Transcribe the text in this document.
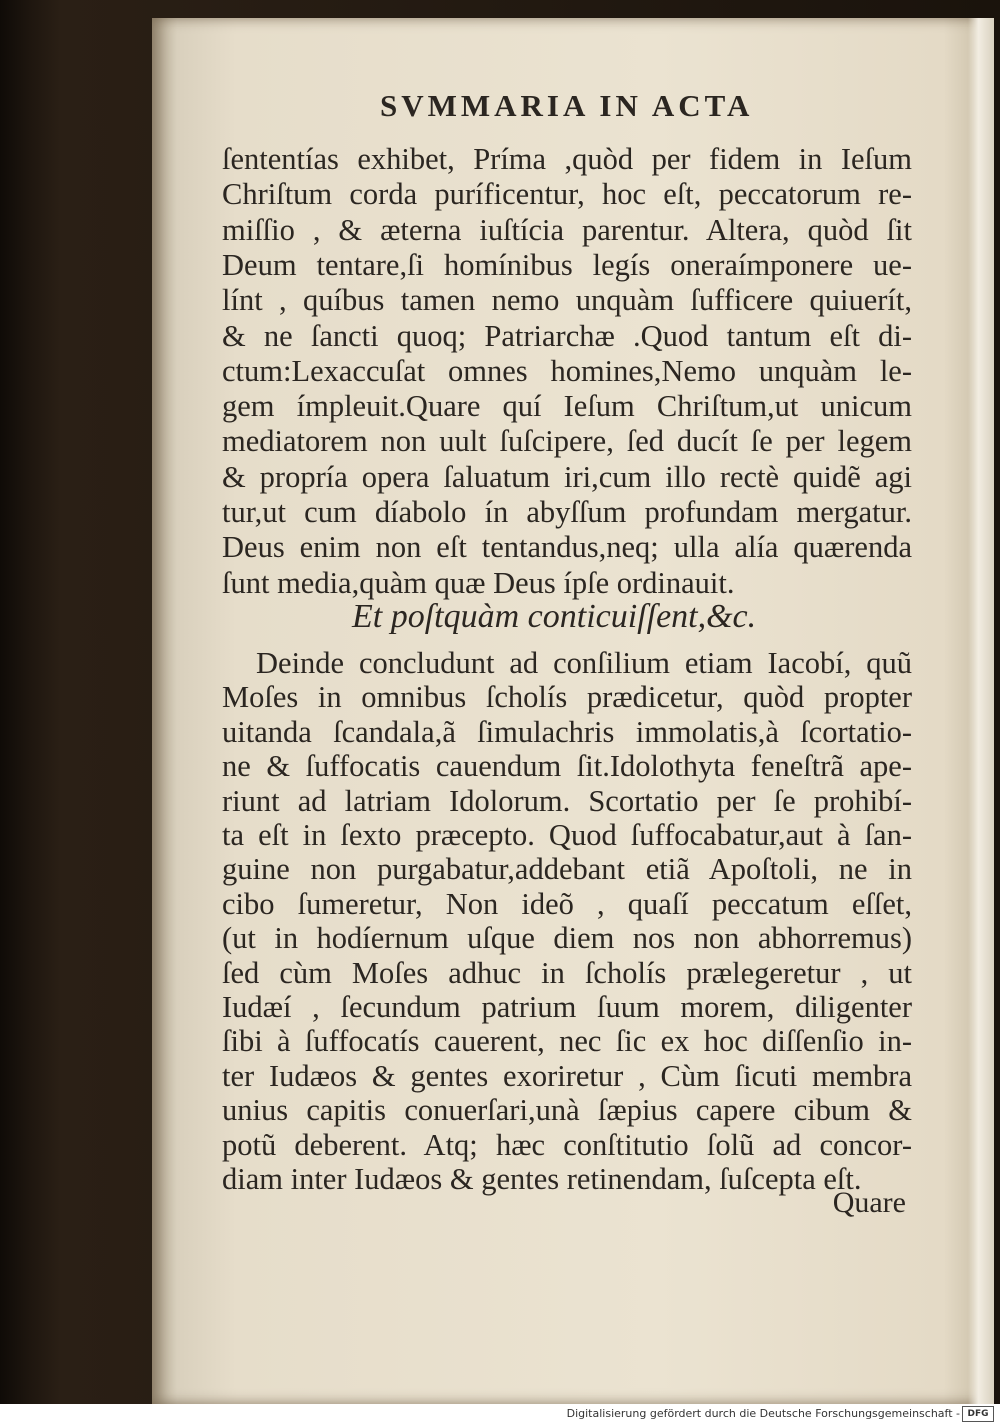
SVMMARIA IN ACTA
ſententías exhibet, Príma ,quòd per fidem in Ieſum
Chriſtum corda puríficentur, hoc eſt, peccatorum re-
miſſio , & æterna iuſtícia parentur. Altera, quòd ſit
Deum tentare,ſi homínibus legís oneraímponere ue-
línt , quíbus tamen nemo unquàm ſufficere quiuerít,
& ne ſancti quoq; Patriarchæ .Quod tantum eſt di-
ctum:Lexaccuſat omnes homines,Nemo unquàm le-
gem ímpleuit.Quare quí Ieſum Chriſtum,ut unicum
mediatorem non uult ſuſcipere, ſed ducít ſe per legem
& propría opera ſaluatum iri,cum illo rectè quidẽ agi
tur,ut cum díabolo ín abyſſum profundam mergatur.
Deus enim non eſt tentandus,neq; ulla alía quærenda
ſunt media,quàm quæ Deus ípſe ordinauit.
Et poſtquàm conticuiſſent,&c.
Deinde concludunt ad conſilium etiam Iacobí, quũ
Moſes in omnibus ſcholís prædicetur, quòd propter
uitanda ſcandala,ã ſimulachris immolatis,à ſcortatio-
ne & ſuffocatis cauendum ſit.Idolothyta feneſtrã ape-
riunt ad latriam Idolorum. Scortatio per ſe prohibí-
ta eſt in ſexto præcepto. Quod ſuffocabatur,aut à ſan-
guine non purgabatur,addebant etiã Apoſtoli, ne in
cibo ſumeretur, Non ideõ , quaſí peccatum eſſet,
(ut in hodíernum uſque diem nos non abhorremus)
ſed cùm Moſes adhuc in ſcholís prælegeretur , ut
Iudæí , ſecundum patrium ſuum morem, diligenter
ſibi à ſuffocatís cauerent, nec ſic ex hoc diſſenſio in-
ter Iudæos & gentes exoriretur , Cùm ſicuti membra
unius capitis conuerſari,unà ſæpius capere cibum &
potũ deberent. Atq; hæc conſtitutio ſolũ ad concor-
diam inter Iudæos & gentes retinendam, ſuſcepta eſt.
Quare
Digitalisierung gefördert durch die Deutsche Forschungsgemeinschaft - DFG
